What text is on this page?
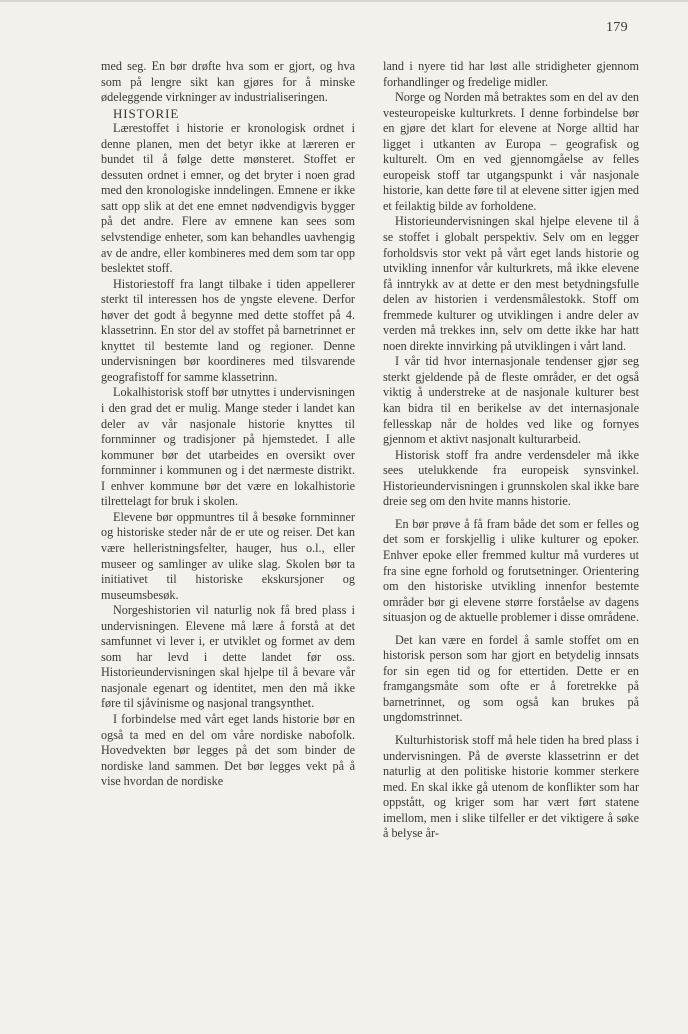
179

med seg. En bør drøfte hva som er gjort, og hva som på lengre sikt kan gjøres for å minske ødeleggende virkninger av industrialiseringen.

HISTORIE

Lærestoffet i historie er kronologisk ordnet i denne planen, men det betyr ikke at læreren er bundet til å følge dette mønsteret. Stoffet er dessuten ordnet i emner, og det bryter i noen grad med den kronologiske inndelingen. Emnene er ikke satt opp slik at det ene emnet nødvendigvis bygger på det andre. Flere av emnene kan sees som selvstendige enheter, som kan behandles uavhengig av de andre, eller kombineres med dem som tar opp beslektet stoff.

Historiestoff fra langt tilbake i tiden appellerer sterkt til interessen hos de yngste elevene. Derfor høver det godt å begynne med dette stoffet på 4. klassetrinn. En stor del av stoffet på barnetrinnet er knyttet til bestemte land og regioner. Denne undervisningen bør koordineres med tilsvarende geografistoff for samme klassetrinn.

Lokalhistorisk stoff bør utnyttes i undervisningen i den grad det er mulig. Mange steder i landet kan deler av vår nasjonale historie knyttes til fornminner og tradisjoner på hjemstedet. I alle kommuner bør det utarbeides en oversikt over fornminner i kommunen og i det nærmeste distrikt. I enhver kommune bør det være en lokalhistorie tilrettelagt for bruk i skolen.

Elevene bør oppmuntres til å besøke fornminner og historiske steder når de er ute og reiser. Det kan være helleristningsfelter, hauger, hus o.l., eller museer og samlinger av ulike slag. Skolen bør ta initiativet til historiske ekskursjoner og museumsbesøk.

Norgeshistorien vil naturlig nok få bred plass i undervisningen. Elevene må lære å forstå at det samfunnet vi lever i, er utviklet og formet av dem som har levd i dette landet før oss. Historieundervisningen skal hjelpe til å bevare vår nasjonale egenart og identitet, men den må ikke føre til sjåvinisme og nasjonal trangsynthet.

I forbindelse med vårt eget lands historie bør en også ta med en del om våre nordiske nabofolk. Hovedvekten bør legges på det som binder de nordiske land sammen. Det bør legges vekt på å vise hvordan de nordiske

land i nyere tid har løst alle stridigheter gjennom forhandlinger og fredelige midler.

Norge og Norden må betraktes som en del av den vesteuropeiske kulturkrets. I denne forbindelse bør en gjøre det klart for elevene at Norge alltid har ligget i utkanten av Europa – geografisk og kulturelt. Om en ved gjennomgåelse av felles europeisk stoff tar utgangspunkt i vår nasjonale historie, kan dette føre til at elevene sitter igjen med et feilaktig bilde av forholdene.

Historieundervisningen skal hjelpe elevene til å se stoffet i globalt perspektiv. Selv om en legger forholdsvis stor vekt på vårt eget lands historie og utvikling innenfor vår kulturkrets, må ikke elevene få inntrykk av at dette er den mest betydningsfulle delen av historien i verdensmålestokk. Stoff om fremmede kulturer og utviklingen i andre deler av verden må trekkes inn, selv om dette ikke har hatt noen direkte innvirking på utviklingen i vårt land.

I vår tid hvor internasjonale tendenser gjør seg sterkt gjeldende på de fleste områder, er det også viktig å understreke at de nasjonale kulturer best kan bidra til en berikelse av det internasjonale fellesskap når de holdes ved like og fornyes gjennom et aktivt nasjonalt kulturarbeid.

Historisk stoff fra andre verdensdeler må ikke sees utelukkende fra europeisk synsvinkel. Historieundervisningen i grunnskolen skal ikke bare dreie seg om den hvite manns historie.

En bør prøve å få fram både det som er felles og det som er forskjellig i ulike kulturer og epoker. Enhver epoke eller fremmed kultur må vurderes ut fra sine egne forhold og forutsetninger. Orientering om den historiske utvikling innenfor bestemte områder bør gi elevene større forståelse av dagens situasjon og de aktuelle problemer i disse områdene.

Det kan være en fordel å samle stoffet om en historisk person som har gjort en betydelig innsats for sin egen tid og for ettertiden. Dette er en framgangsmåte som ofte er å foretrekke på barnetrinnet, og som også kan brukes på ungdomstrinnet.

Kulturhistorisk stoff må hele tiden ha bred plass i undervisningen. På de øverste klassetrinn er det naturlig at den politiske historie kommer sterkere med. En skal ikke gå utenom de konflikter som har oppstått, og kriger som har vært ført statene imellom, men i slike tilfeller er det viktigere å søke å belyse år-
